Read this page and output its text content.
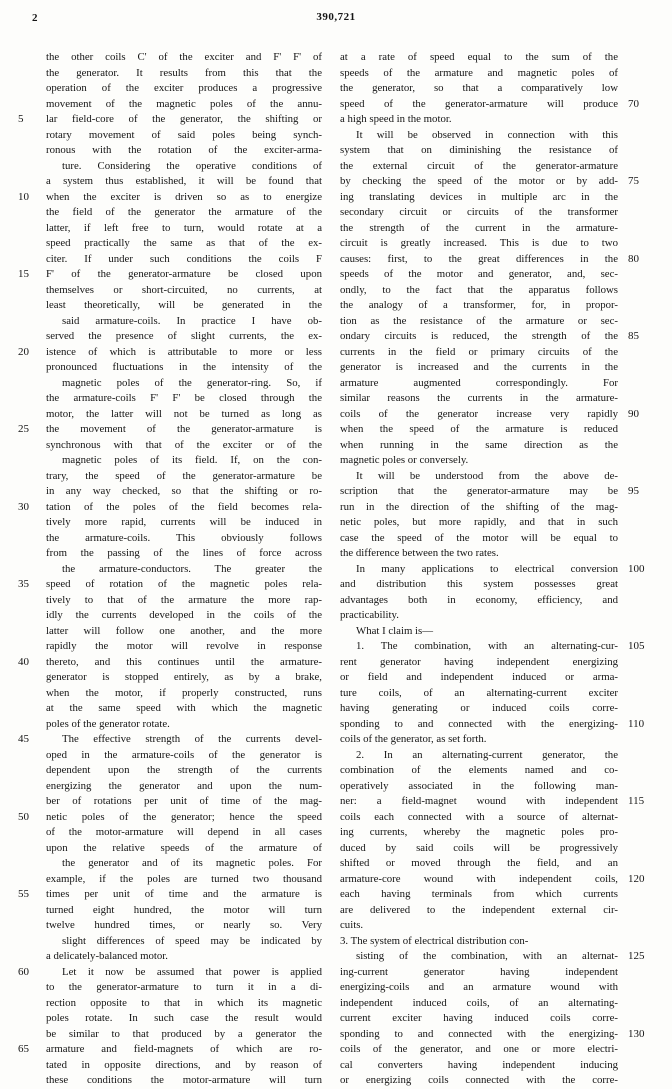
2	390,721
the other coils C' of the exciter and F' F' of
the generator. It results from this that the
operation of the exciter produces a progressive
movement of the magnetic poles of the annu-
lar field-core of the generator, the shifting or
rotary movement of said poles being synch-
ronous with the rotation of the exciter-arma-
ture. Considering the operative conditions of
a system thus established, it will be found that
when the exciter is driven so as to energize
the field of the generator the armature of the
latter, if left free to turn, would rotate at a
speed practically the same as that of the ex-
citer. If under such conditions the coils F
F' of the generator-armature be closed upon
themselves or short-circuited, no currents, at
least theoretically, will be generated in the
said armature-coils. In practice I have ob-
served the presence of slight currents, the ex-
istence of which is attributable to more or less
pronounced fluctuations in the intensity of the
magnetic poles of the generator-ring. So, if
the armature-coils F' F' be closed through the
motor, the latter will not be turned as long as
the movement of the generator-armature is
synchronous with that of the exciter or of the
magnetic poles of its field. If, on the con-
trary, the speed of the generator-armature be
in any way checked, so that the shifting or ro-
tation of the poles of the field becomes rela-
tively more rapid, currents will be induced in
the armature-coils. This obviously follows
from the passing of the lines of force across
the armature-conductors. The greater the
speed of rotation of the magnetic poles rela-
tively to that of the armature the more rap-
idly the currents developed in the coils of the
latter will follow one another, and the more
rapidly the motor will revolve in response
thereto, and this continues until the armature-
generator is stopped entirely, as by a brake,
when the motor, if properly constructed, runs
at the same speed with which the magnetic
poles of the generator rotate.
The effective strength of the currents devel-
oped in the armature-coils of the generator is
dependent upon the strength of the currents
energizing the generator and upon the num-
ber of rotations per unit of time of the mag-
netic poles of the generator; hence the speed
of the motor-armature will depend in all cases
upon the relative speeds of the armature of
the generator and of its magnetic poles. For
example, if the poles are turned two thousand
times per unit of time and the armature is
turned eight hundred, the motor will turn
twelve hundred times, or nearly so. Very
slight differences of speed may be indicated by
a delicately-balanced motor.
Let it now be assumed that power is applied
to the generator-armature to turn it in a di-
rection opposite to that in which its magnetic
poles rotate. In such case the result would
be similar to that produced by a generator the
armature and field-magnets of which are ro-
tated in opposite directions, and by reason of
these conditions the motor-armature will turn
at a rate of speed equal to the sum of the
speeds of the armature and magnetic poles of
the generator, so that a comparatively low
speed of the generator-armature will produce
a high speed in the motor.
It will be observed in connection with this
system that on diminishing the resistance of
the external circuit of the generator-armature
by checking the speed of the motor or by add-
ing translating devices in multiple arc in the
secondary circuit or circuits of the transformer
the strength of the current in the armature-
circuit is greatly increased. This is due to two
causes: first, to the great differences in the
speeds of the motor and generator, and, sec-
ondly, to the fact that the apparatus follows
the analogy of a transformer, for, in propor-
tion as the resistance of the armature or sec-
ondary circuits is reduced, the strength of the
currents in the field or primary circuits of the
generator is increased and the currents in the
armature augmented correspondingly. For
similar reasons the currents in the armature-
coils of the generator increase very rapidly
when the speed of the armature is reduced
when running in the same direction as the
magnetic poles or conversely.
It will be understood from the above de-
scription that the generator-armature may be
run in the direction of the shifting of the mag-
netic poles, but more rapidly, and that in such
case the speed of the motor will be equal to
the difference between the two rates.
In many applications to electrical conversion
and distribution this system possesses great
advantages both in economy, efficiency, and
practicability.
What I claim is—
1. The combination, with an alternating-cur-
rent generator having independent energizing
or field and independent induced or arma-
ture coils, of an alternating-current exciter
having generating or induced coils corre-
sponding to and connected with the energizing-
coils of the generator, as set forth.
2. In an alternating-current generator, the
combination of the elements named and co-
operatively associated in the following man-
ner: a field-magnet wound with independent
coils each connected with a source of alternat-
ing currents, whereby the magnetic poles pro-
duced by said coils will be progressively
shifted or moved through the field, and an
armature-core wound with independent coils,
each having terminals from which currents
are delivered to the independent external cir-
cuits.
3. The system of electrical distribution con-
sisting of the combination, with an alternat-
ing-current generator having independent
energizing-coils and an armature wound with
independent induced coils, of an alternating-
current exciter having induced coils corre-
sponding to and connected with the energizing-
coils of the generator, and one or more electri-
cal converters having independent inducing
or energizing coils connected with the corre-
5
10
15
20
25
30
35
40
45
50
55
60
65
70
75
80
85
90
95
100
105
110
115
120
125
130
